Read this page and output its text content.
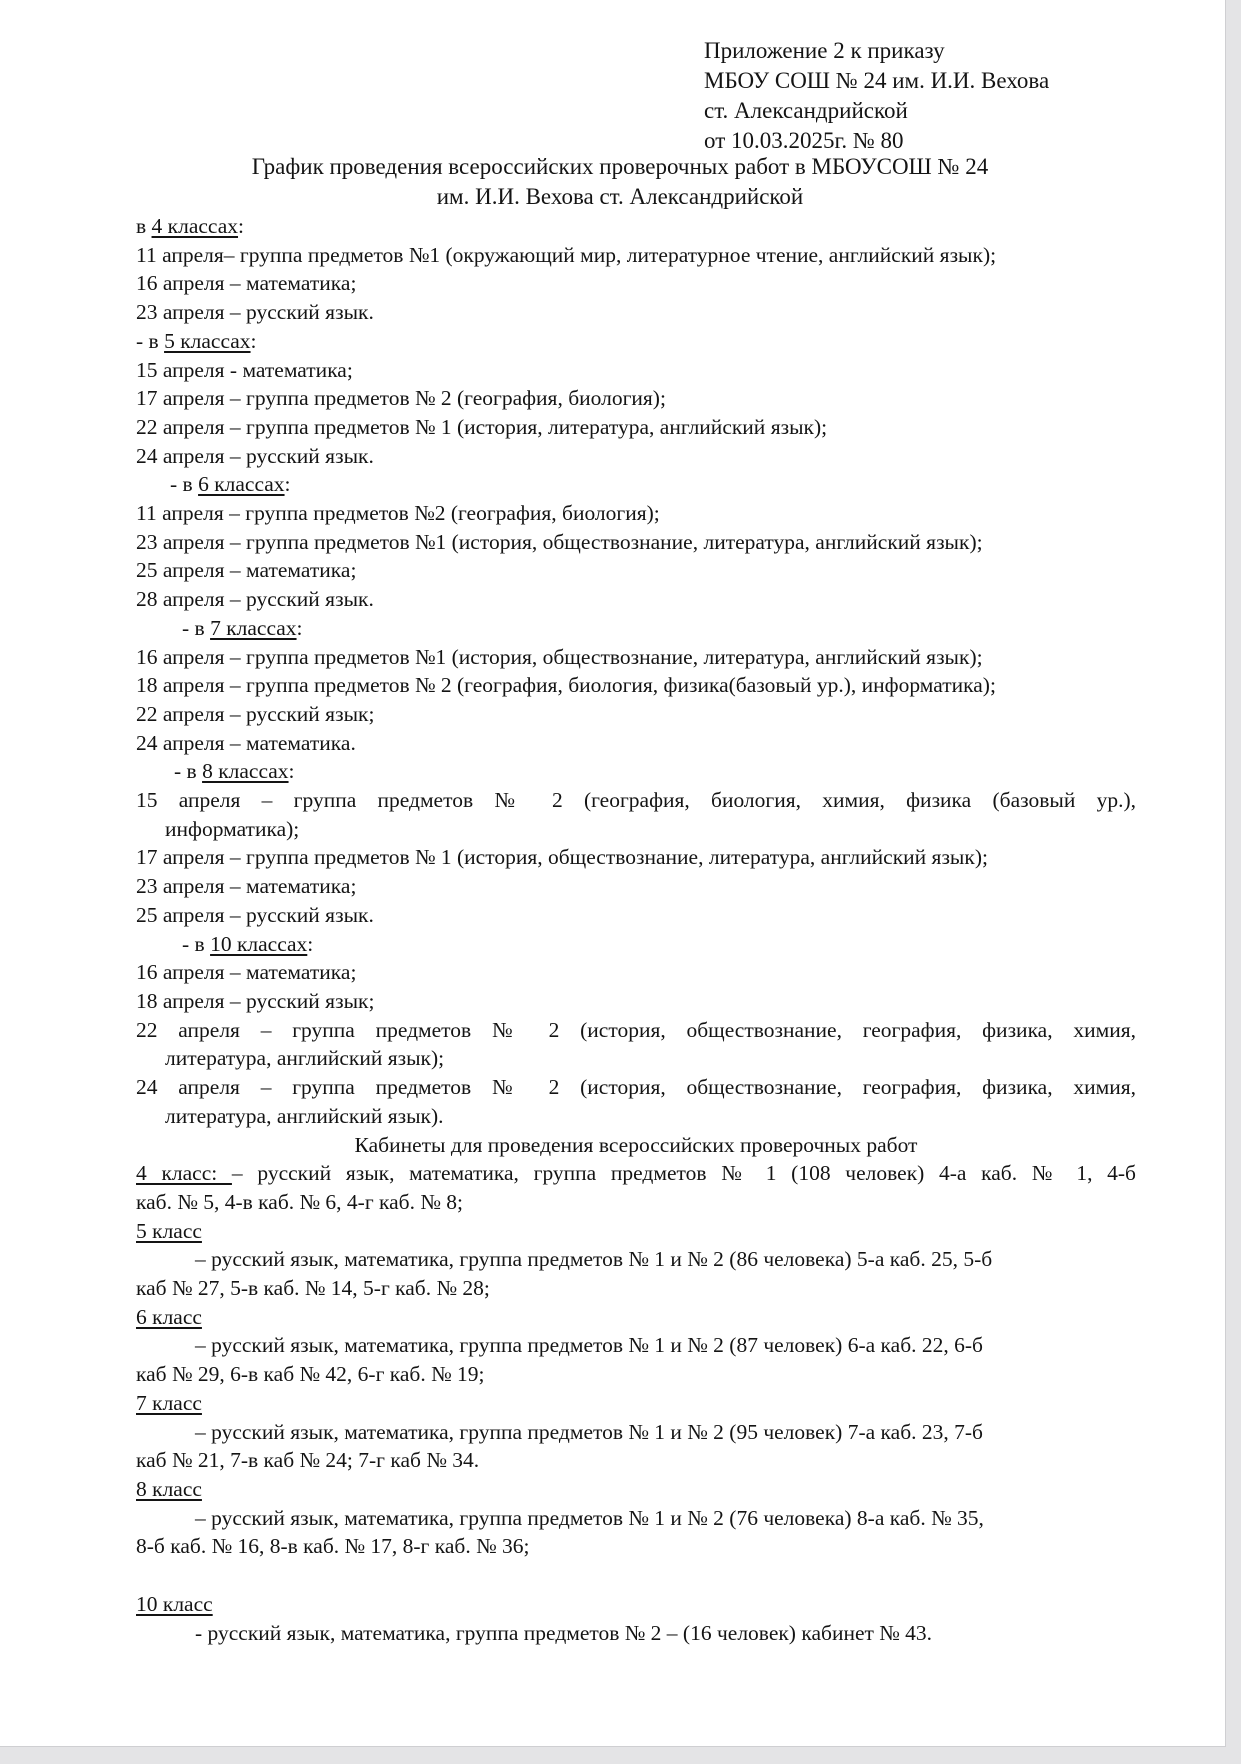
Приложение 2 к приказу
МБОУ СОШ № 24 им. И.И. Вехова
ст. Александрийской
от 10.03.2025г. № 80
График проведения всероссийских проверочных работ в МБОУСОШ № 24
им. И.И. Вехова ст. Александрийской
в 4 классах:
11 апреля– группа предметов №1 (окружающий мир, литературное чтение, английский язык);
16 апреля – математика;
23 апреля – русский язык.
- в 5 классах:
15 апреля - математика;
17 апреля – группа предметов № 2 (география, биология);
22 апреля – группа предметов № 1 (история, литература, английский язык);
24 апреля – русский язык.
- в 6 классах:
11 апреля – группа предметов №2 (география, биология);
23 апреля – группа предметов №1 (история, обществознание, литература, английский язык);
25 апреля – математика;
28 апреля – русский язык.
- в 7 классах:
16 апреля – группа предметов №1 (история, обществознание, литература, английский язык);
18 апреля – группа предметов № 2 (география, биология, физика(базовый ур.), информатика);
22 апреля – русский язык;
24 апреля – математика.
- в 8 классах:
15 апреля – группа предметов № 2 (география, биология, химия, физика (базовый ур.),
информатика);
17 апреля – группа предметов № 1 (история, обществознание, литература, английский язык);
23 апреля – математика;
25 апреля – русский язык.
- в 10 классах:
16 апреля – математика;
18 апреля – русский язык;
22 апреля – группа предметов № 2 (история, обществознание, география, физика, химия,
литература, английский язык);
24 апреля – группа предметов № 2 (история, обществознание, география, физика, химия,
литература, английский язык).
Кабинеты для проведения всероссийских проверочных работ
4 класс: – русский язык, математика, группа предметов № 1 (108 человек) 4-а каб. № 1, 4-б
каб. № 5, 4-в каб. № 6, 4-г каб. № 8;
5 класс
– русский язык, математика, группа предметов № 1 и № 2 (86 человека) 5-а каб. 25, 5-б
каб № 27, 5-в каб. № 14, 5-г каб. № 28;
6 класс
– русский язык, математика, группа предметов № 1 и № 2 (87 человек) 6-а каб. 22, 6-б
каб № 29, 6-в каб № 42, 6-г каб. № 19;
7 класс
– русский язык, математика, группа предметов № 1 и № 2 (95 человек) 7-а каб. 23, 7-б
каб № 21, 7-в каб № 24; 7-г каб № 34.
8 класс
– русский язык, математика, группа предметов № 1 и № 2 (76 человека) 8-а каб. № 35,
8-б каб. № 16, 8-в каб. № 17, 8-г каб. № 36;
10 класс
- русский язык, математика, группа предметов № 2 – (16 человек) кабинет № 43.
